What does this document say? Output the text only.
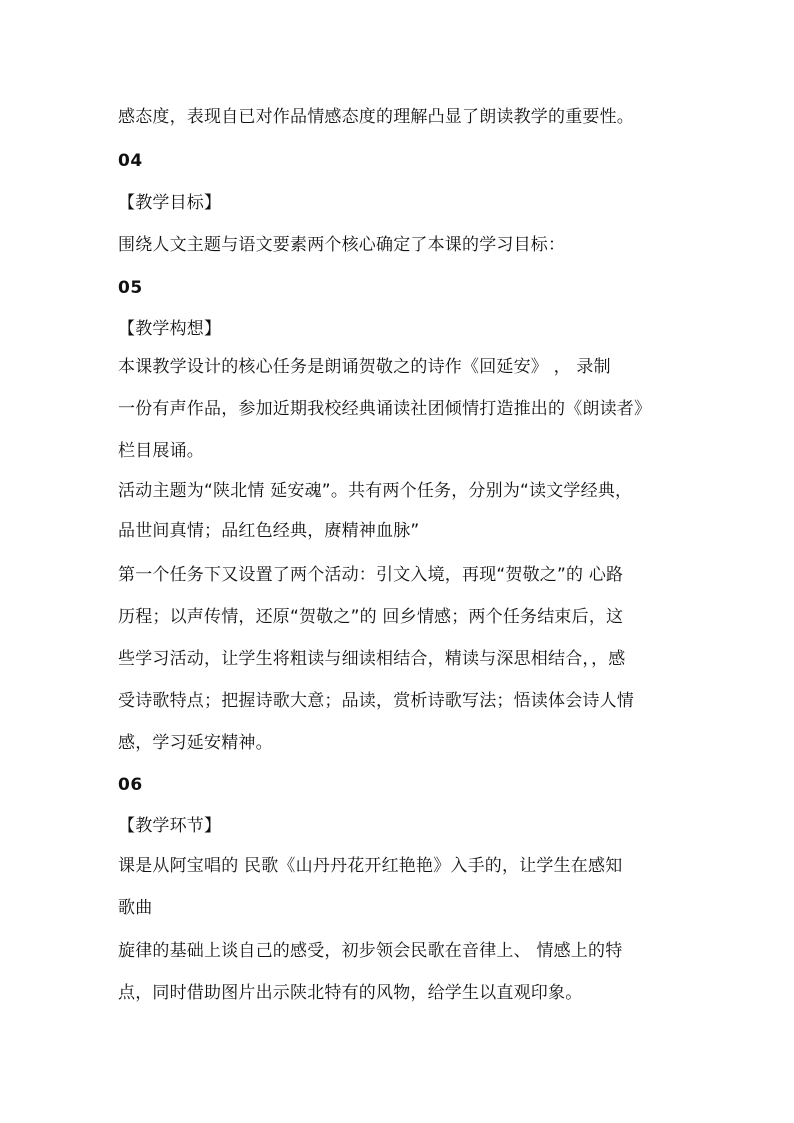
感态度，表现自已对作品情感态度的理解凸显了朗读教学的重要性。
04
【教学目标】
围绕人文主题与语文要素两个核心确定了本课的学习目标：
05
【教学构想】
本课教学设计的核心任务是朗诵贺敬之的诗作《回延安》 ， 录制
一份有声作品，参加近期我校经典诵读社团倾情打造推出的《朗读者》
栏目展诵。
活动主题为“陕北情 延安魂”。共有两个任务，分别为“读文学经典，
品世间真情；品红色经典，赓精神血脉”
第一个任务下又设置了两个活动：引文入境，再现“贺敬之”的 心路
历程；以声传情，还原“贺敬之”的 回乡情感；两个任务结束后，这
些学习活动，让学生将粗读与细读相结合，精读与深思相结合，，感
受诗歌特点；把握诗歌大意；品读，赏析诗歌写法；悟读体会诗人情
感，学习延安精神。
06
【教学环节】
课是从阿宝唱的 民歌《山丹丹花开红艳艳》入手的，让学生在感知
歌曲
旋律的基础上谈自己的感受，初步领会民歌在音律上、 情感上的特
点，同时借助图片出示陕北特有的风物，给学生以直观印象。
